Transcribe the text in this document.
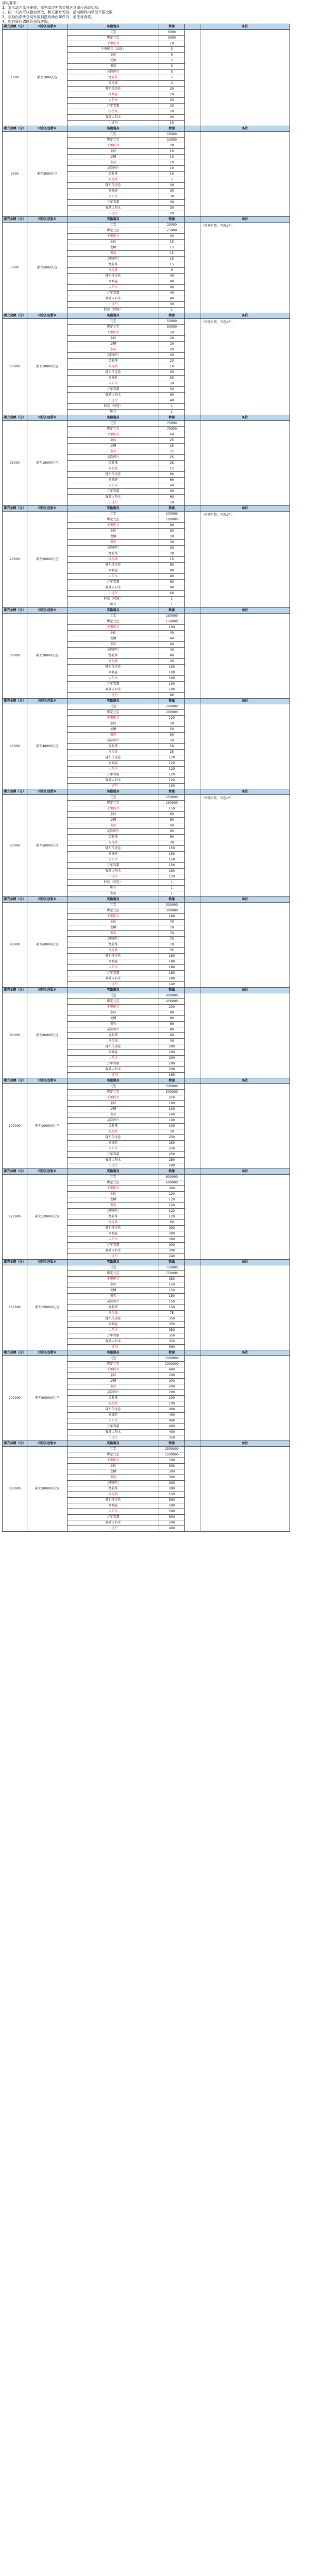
活动要求：
1、本活动为单日充值，本档单次充值金额达到即可领取奖励，
2、同一天内可以叠加领取，跨天累计无效，活动期间内领取不限次数
3、奖励由系统自动发放到游戏角色邮件内，请注意查收，
4、如有疑问请联系在线客服。
累充金额（元）	对应礼包版本	奖励道具	数量		备注
1000	累充1000礼包	元宝	5000		
		绑定元宝	5000		
		千里传音	10		
		千里传音（高级）	5		
		金砖	5		
		龙鳞	5		
		书页	5		
		灵符碎片	5		
		经验珠	5		
		祝福油	2		
		随机传送卷	20		
		回城卷	20		
		太阳水	20		
		万年雪霜	20		
		疗伤药	20		
		强效太阳水	20		
		小还丹	10		
累充金额（元）	对应礼包版本	奖励道具	数量		备注
3000	累充3000礼包	元宝	15000		
		绑定元宝	15000		
		千里传音	20		
		金砖	10		
		龙鳞	10		
		书页	10		
		灵符碎片	10		
		经验珠	10		
		祝福油	5		
		随机传送卷	30		
		回城卷	30		
		太阳水	30		
		万年雪霜	30		
		强效太阳水	30		
		小还丹	20		
累充金额（元）	对应礼包版本	奖励道具	数量		备注
5000	累充5000礼包	元宝	25000		（所选时装，可选1件）
		绑定元宝	25000		
		千里传音	30		
		金砖	15		
		龙鳞	15		
		书页	15		
		灵符碎片	15		
		经验珠	15		
		祝福油	8		
		随机传送卷	40		
		回城卷	40		
		太阳水	40		
		万年雪霜	40		
		强效太阳水	40		
		小还丹	30		
		时装（可选）	1		
累充金额（元）	对应礼包版本	奖励道具	数量		备注
10000	累充10000礼包	元宝	50000		（所选时装，可选1件）
		绑定元宝	50000		
		千里传音	50		
		金砖	20		
		龙鳞	20		
		书页	20		
		灵符碎片	20		
		经验珠	20		
		祝福油	10		
		随机传送卷	50		
		回城卷	50		
		太阳水	50		
		万年雪霜	50		
		强效太阳水	50		
		小还丹	40		
		时装（可选）	1		
		称号	1		
累充金额（元）	对应礼包版本	奖励道具	数量		备注
15000	累充15000礼包	元宝	75000		
		绑定元宝	75000		
		千里传音	60		
		金砖	25		
		龙鳞	25		
		书页	25		
		灵符碎片	25		
		经验珠	25		
		祝福油	12		
		随机传送卷	60		
		回城卷	60		
		太阳水	60		
		万年雪霜	60		
		强效太阳水	60		
		小还丹	50		
累充金额（元）	对应礼包版本	奖励道具	数量		备注
20000	累充20000礼包	元宝	100000		（所选时装，可选1件）
		绑定元宝	100000		
		千里传音	80		
		金砖	30		
		龙鳞	30		
		书页	30		
		灵符碎片	30		
		经验珠	30		
		祝福油	15		
		随机传送卷	80		
		回城卷	80		
		太阳水	80		
		万年雪霜	80		
		强效太阳水	80		
		小还丹	60		
		时装（可选）	1		
		称号	1		
累充金额（元）	对应礼包版本	奖励道具	数量		备注
30000	累充30000礼包	元宝	150000		
		绑定元宝	150000		
		千里传音	100		
		金砖	40		
		龙鳞	40		
		书页	40		
		灵符碎片	40		
		经验珠	40		
		祝福油	20		
		随机传送卷	100		
		回城卷	100		
		太阳水	100		
		万年雪霜	100		
		强效太阳水	100		
		小还丹	80		
累充金额（元）	对应礼包版本	奖励道具	数量		备注
40000	累充40000礼包	元宝	200000		
		绑定元宝	200000		
		千里传音	120		
		金砖	50		
		龙鳞	50		
		书页	50		
		灵符碎片	50		
		经验珠	50		
		祝福油	25		
		随机传送卷	120		
		回城卷	120		
		太阳水	120		
		万年雪霜	120		
		强效太阳水	120		
		小还丹	100		
累充金额（元）	对应礼包版本	奖励道具	数量		备注
50000	累充50000礼包	元宝	250000		（所选时装，可选1件）
		绑定元宝	250000		
		千里传音	150		
		金砖	60		
		龙鳞	60		
		书页	60		
		灵符碎片	60		
		经验珠	60		
		祝福油	30		
		随机传送卷	150		
		回城卷	150		
		太阳水	150		
		万年雪霜	150		
		强效太阳水	150		
		小还丹	120		
		时装（可选）	1		
		称号	1		
		坐骑	1		
累充金额（元）	对应礼包版本	奖励道具	数量		备注
60000	累充60000礼包	元宝	300000		
		绑定元宝	300000		
		千里传音	180		
		金砖	70		
		龙鳞	70		
		书页	70		
		灵符碎片	70		
		经验珠	70		
		祝福油	35		
		随机传送卷	180		
		回城卷	180		
		太阳水	180		
		万年雪霜	180		
		强效太阳水	180		
		小还丹	140		
累充金额（元）	对应礼包版本	奖励道具	数量		备注
80000	累充80000礼包	元宝	400000		
		绑定元宝	400000		
		千里传音	200		
		金砖	80		
		龙鳞	80		
		书页	80		
		灵符碎片	80		
		经验珠	80		
		祝福油	40		
		随机传送卷	200		
		回城卷	200		
		太阳水	200		
		万年雪霜	200		
		强效太阳水	200		
		小还丹	160		
累充金额（元）	对应礼包版本	奖励道具	数量		备注
100000	累充100000礼包	元宝	500000		
		绑定元宝	500000		
		千里传音	250		
		金砖	100		
		龙鳞	100		
		书页	100		
		灵符碎片	100		
		经验珠	100		
		祝福油	50		
		随机传送卷	250		
		回城卷	250		
		太阳水	250		
		万年雪霜	250		
		强效太阳水	250		
		小还丹	200		
累充金额（元）	对应礼包版本	奖励道具	数量		备注
120000	累充120000礼包	元宝	600000		
		绑定元宝	600000		
		千里传音	300		
		金砖	120		
		龙鳞	120		
		书页	120		
		灵符碎片	120		
		经验珠	120		
		祝福油	60		
		随机传送卷	300		
		回城卷	300		
		太阳水	300		
		万年雪霜	300		
		强效太阳水	300		
		小还丹	240		
累充金额（元）	对应礼包版本	奖励道具	数量		备注
150000	累充150000礼包	元宝	750000		
		绑定元宝	750000		
		千里传音	350		
		金砖	150		
		龙鳞	150		
		书页	150		
		灵符碎片	150		
		经验珠	150		
		祝福油	75		
		随机传送卷	350		
		回城卷	350		
		太阳水	350		
		万年雪霜	350		
		强效太阳水	350		
		小还丹	300		
累充金额（元）	对应礼包版本	奖励道具	数量		备注
200000	累充200000礼包	元宝	1000000		
		绑定元宝	1000000		
		千里传音	400		
		金砖	200		
		龙鳞	200		
		书页	200		
		灵符碎片	200		
		经验珠	200		
		祝福油	100		
		随机传送卷	400		
		回城卷	400		
		太阳水	400		
		万年雪霜	400		
		强效太阳水	400		
		小还丹	350		
累充金额（元）	对应礼包版本	奖励道具	数量		备注
300000	累充300000礼包	元宝	1500000		
		绑定元宝	1500000		
		千里传音	500		
		金砖	300		
		龙鳞	300		
		书页	300		
		灵符碎片	300		
		经验珠	300		
		祝福油	150		
		随机传送卷	500		
		回城卷	500		
		太阳水	500		
		万年雪霜	500		
		强效太阳水	500		
		小还丹	400		
